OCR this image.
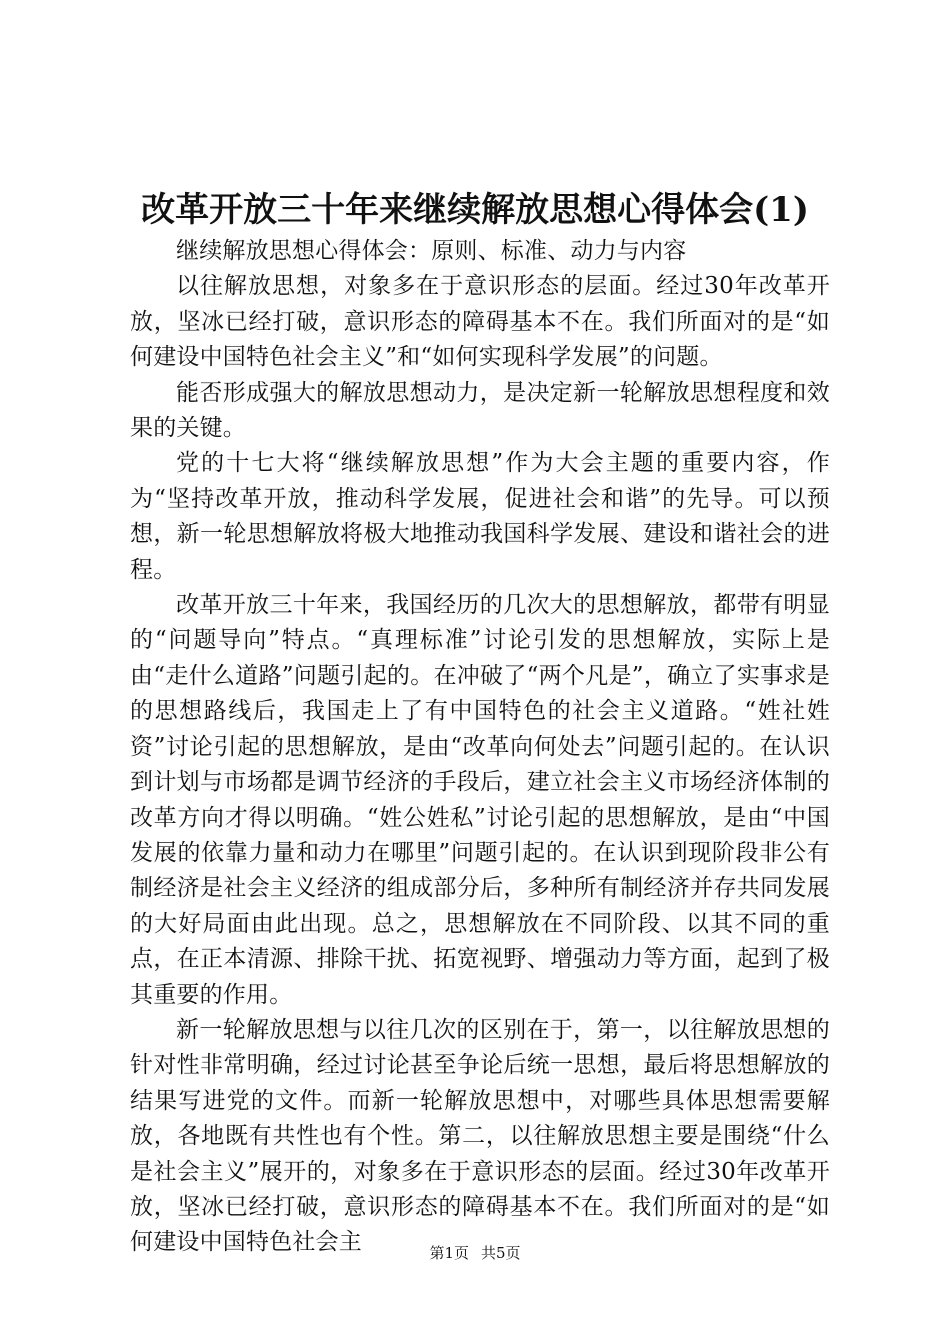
改革开放三十年来继续解放思想心得体会(1)

继续解放思想心得体会：原则、标准、动力与内容

以往解放思想，对象多在于意识形态的层面。经过30年改革开放，坚冰已经打破，意识形态的障碍基本不在。我们所面对的是“如何建设中国特色社会主义”和“如何实现科学发展”的问题。

能否形成强大的解放思想动力，是决定新一轮解放思想程度和效果的关键。

党的十七大将“继续解放思想”作为大会主题的重要内容，作为“坚持改革开放，推动科学发展，促进社会和谐”的先导。可以预想，新一轮思想解放将极大地推动我国科学发展、建设和谐社会的进程。

改革开放三十年来，我国经历的几次大的思想解放，都带有明显的“问题导向”特点。“真理标准”讨论引发的思想解放，实际上是由“走什么道路”问题引起的。在冲破了“两个凡是”，确立了实事求是的思想路线后，我国走上了有中国特色的社会主义道路。“姓社姓资”讨论引起的思想解放，是由“改革向何处去”问题引起的。在认识到计划与市场都是调节经济的手段后，建立社会主义市场经济体制的改革方向才得以明确。“姓公姓私”讨论引起的思想解放，是由“中国发展的依靠力量和动力在哪里”问题引起的。在认识到现阶段非公有制经济是社会主义经济的组成部分后，多种所有制经济并存共同发展的大好局面由此出现。总之，思想解放在不同阶段、以其不同的重点，在正本清源、排除干扰、拓宽视野、增强动力等方面，起到了极其重要的作用。

新一轮解放思想与以往几次的区别在于，第一，以往解放思想的针对性非常明确，经过讨论甚至争论后统一思想，最后将思想解放的结果写进党的文件。而新一轮解放思想中，对哪些具体思想需要解放，各地既有共性也有个性。第二，以往解放思想主要是围绕“什么是社会主义”展开的，对象多在于意识形态的层面。经过30年改革开放，坚冰已经打破，意识形态的障碍基本不在。我们所面对的是“如何建设中国特色社会主	第1页 共5页
